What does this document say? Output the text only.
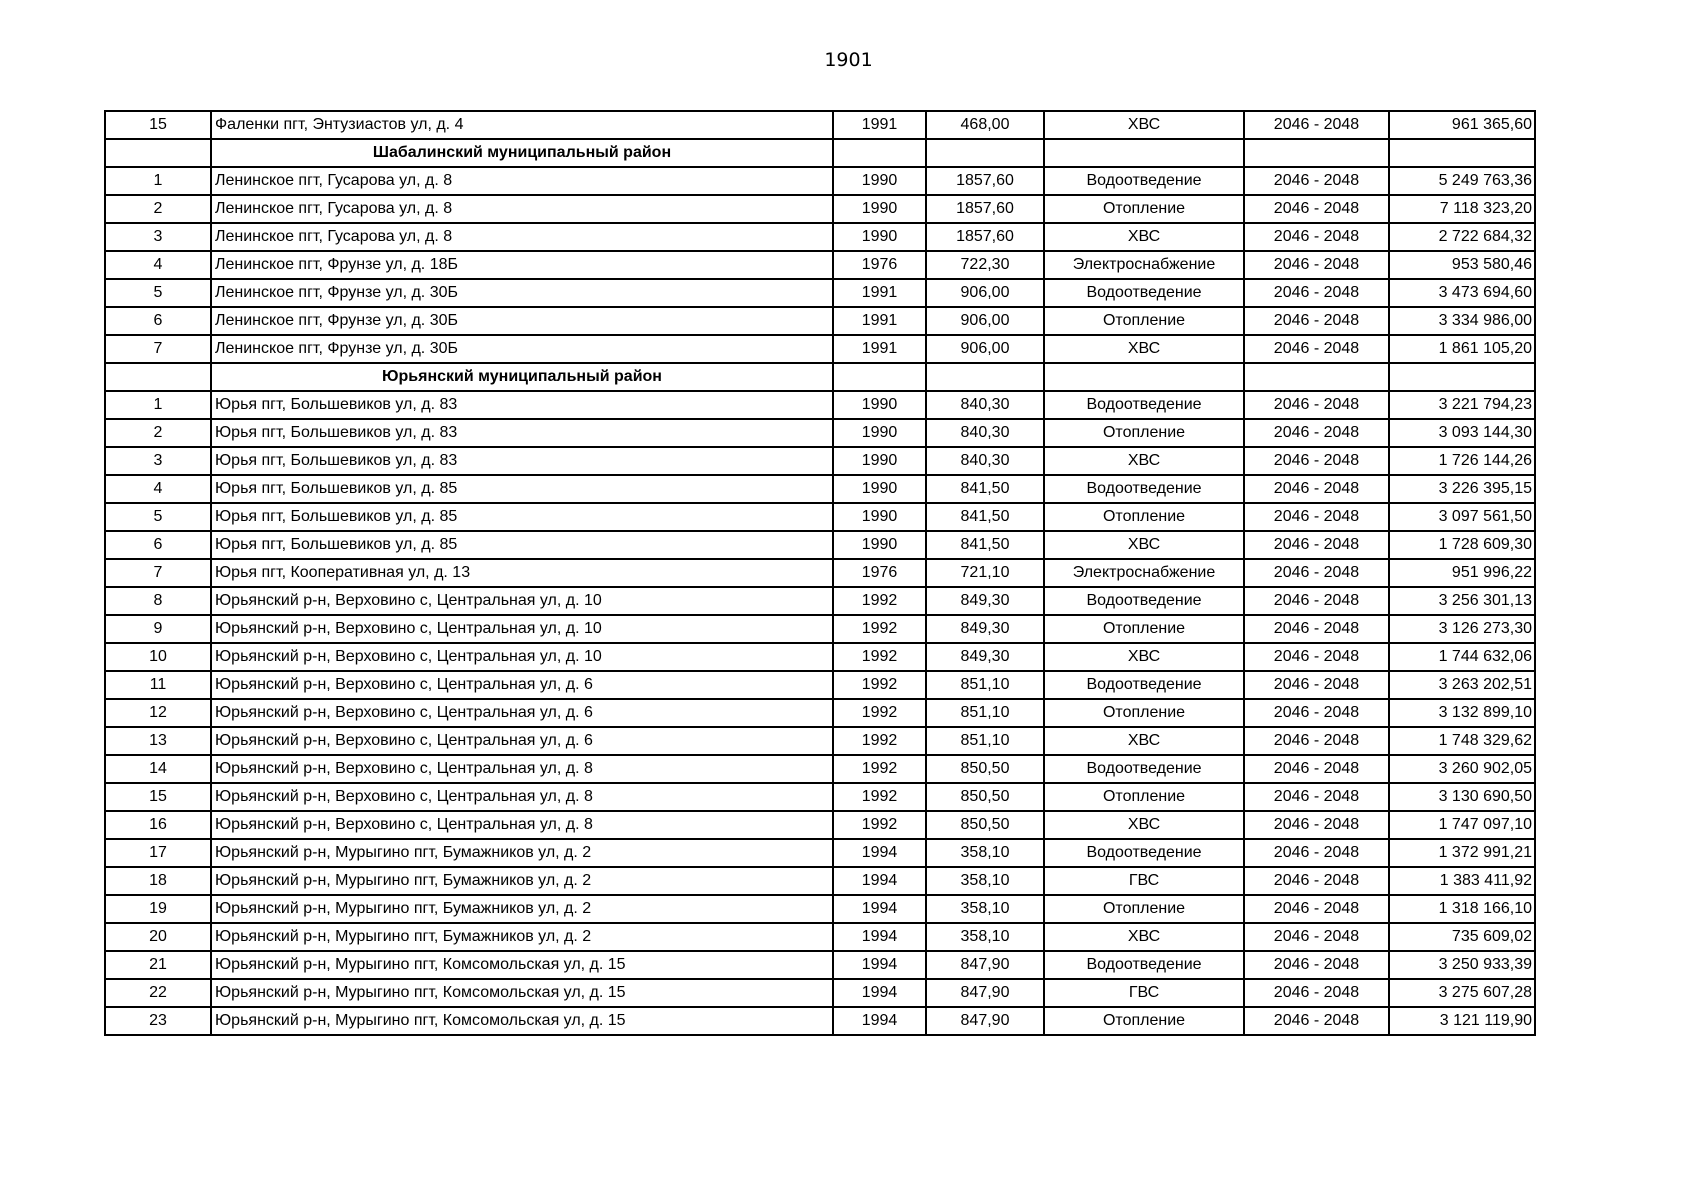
1901
15	Фаленки пгт, Энтузиастов ул, д. 4	1991	468,00	ХВС	2046 - 2048	961 365,60
	Шабалинский муниципальный район					
1	Ленинское пгт, Гусарова ул, д. 8	1990	1857,60	Водоотведение	2046 - 2048	5 249 763,36
2	Ленинское пгт, Гусарова ул, д. 8	1990	1857,60	Отопление	2046 - 2048	7 118 323,20
3	Ленинское пгт, Гусарова ул, д. 8	1990	1857,60	ХВС	2046 - 2048	2 722 684,32
4	Ленинское пгт, Фрунзе ул, д. 18Б	1976	722,30	Электроснабжение	2046 - 2048	953 580,46
5	Ленинское пгт, Фрунзе ул, д. 30Б	1991	906,00	Водоотведение	2046 - 2048	3 473 694,60
6	Ленинское пгт, Фрунзе ул, д. 30Б	1991	906,00	Отопление	2046 - 2048	3 334 986,00
7	Ленинское пгт, Фрунзе ул, д. 30Б	1991	906,00	ХВС	2046 - 2048	1 861 105,20
	Юрьянский муниципальный район					
1	Юрья пгт, Большевиков ул, д. 83	1990	840,30	Водоотведение	2046 - 2048	3 221 794,23
2	Юрья пгт, Большевиков ул, д. 83	1990	840,30	Отопление	2046 - 2048	3 093 144,30
3	Юрья пгт, Большевиков ул, д. 83	1990	840,30	ХВС	2046 - 2048	1 726 144,26
4	Юрья пгт, Большевиков ул, д. 85	1990	841,50	Водоотведение	2046 - 2048	3 226 395,15
5	Юрья пгт, Большевиков ул, д. 85	1990	841,50	Отопление	2046 - 2048	3 097 561,50
6	Юрья пгт, Большевиков ул, д. 85	1990	841,50	ХВС	2046 - 2048	1 728 609,30
7	Юрья пгт, Кооперативная ул, д. 13	1976	721,10	Электроснабжение	2046 - 2048	951 996,22
8	Юрьянский р-н, Верховино с, Центральная ул, д. 10	1992	849,30	Водоотведение	2046 - 2048	3 256 301,13
9	Юрьянский р-н, Верховино с, Центральная ул, д. 10	1992	849,30	Отопление	2046 - 2048	3 126 273,30
10	Юрьянский р-н, Верховино с, Центральная ул, д. 10	1992	849,30	ХВС	2046 - 2048	1 744 632,06
11	Юрьянский р-н, Верховино с, Центральная ул, д. 6	1992	851,10	Водоотведение	2046 - 2048	3 263 202,51
12	Юрьянский р-н, Верховино с, Центральная ул, д. 6	1992	851,10	Отопление	2046 - 2048	3 132 899,10
13	Юрьянский р-н, Верховино с, Центральная ул, д. 6	1992	851,10	ХВС	2046 - 2048	1 748 329,62
14	Юрьянский р-н, Верховино с, Центральная ул, д. 8	1992	850,50	Водоотведение	2046 - 2048	3 260 902,05
15	Юрьянский р-н, Верховино с, Центральная ул, д. 8	1992	850,50	Отопление	2046 - 2048	3 130 690,50
16	Юрьянский р-н, Верховино с, Центральная ул, д. 8	1992	850,50	ХВС	2046 - 2048	1 747 097,10
17	Юрьянский р-н, Мурыгино пгт, Бумажников ул, д. 2	1994	358,10	Водоотведение	2046 - 2048	1 372 991,21
18	Юрьянский р-н, Мурыгино пгт, Бумажников ул, д. 2	1994	358,10	ГВС	2046 - 2048	1 383 411,92
19	Юрьянский р-н, Мурыгино пгт, Бумажников ул, д. 2	1994	358,10	Отопление	2046 - 2048	1 318 166,10
20	Юрьянский р-н, Мурыгино пгт, Бумажников ул, д. 2	1994	358,10	ХВС	2046 - 2048	735 609,02
21	Юрьянский р-н, Мурыгино пгт, Комсомольская ул, д. 15	1994	847,90	Водоотведение	2046 - 2048	3 250 933,39
22	Юрьянский р-н, Мурыгино пгт, Комсомольская ул, д. 15	1994	847,90	ГВС	2046 - 2048	3 275 607,28
23	Юрьянский р-н, Мурыгино пгт, Комсомольская ул, д. 15	1994	847,90	Отопление	2046 - 2048	3 121 119,90
